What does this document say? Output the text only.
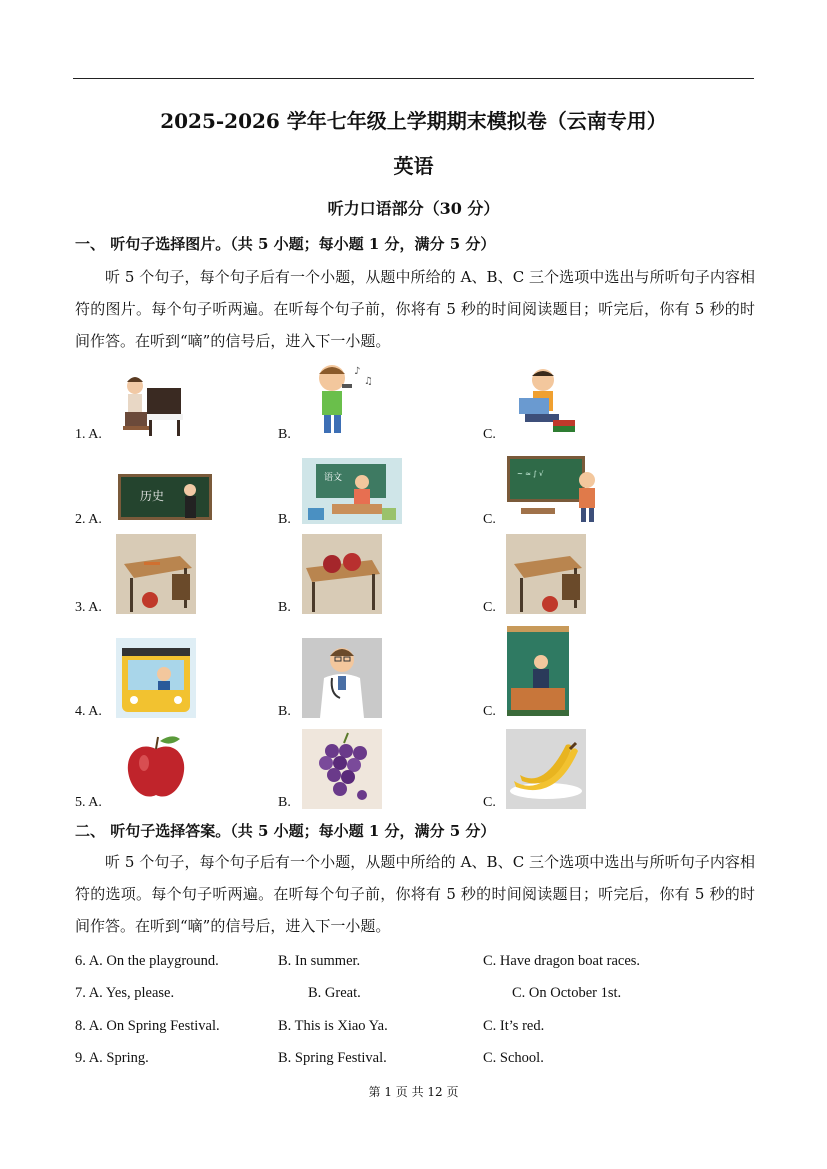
2025-2026 学年七年级上学期期末模拟卷（云南专用）
英语
听力口语部分（30 分）
一、 听句子选择图片。（共 5 小题；每小题 1 分，满分 5 分）
听 5 个句子，每个句子后有一个小题，从题中所给的 A、B、C 三个选项中选出与所听句子内容相符的图片。每个句子听两遍。在听每个句子前，你将有 5 秒的时间阅读题目；听完后，你有 5 秒的时间作答。在听到“嘀”的信号后，进入下一小题。
1. A.	B.	C.
♪
♫
2. A.	B.	C.
历史
语文	~ ≈ ∫ √
3. A.	B.	C.
4. A.	B.	C.
5. A.	B.	C.
二、 听句子选择答案。（共 5 小题；每小题 1 分，满分 5 分）
听 5 个句子，每个句子后有一个小题，从题中所给的 A、B、C 三个选项中选出与所听句子内容相符的选项。每个句子听两遍。在听每个句子前，你将有 5 秒的时间阅读题目；听完后，你有 5 秒的时间作答。在听到“嘀”的信号后，进入下一小题。
6. A. On the playground.	B. In summer.	C. Have dragon boat races.
7. A. Yes, please.	B. Great.	C. On October 1st.
8. A. On Spring Festival.	B. This is Xiao Ya.	C. It’s red.
9. A. Spring.	B. Spring Festival.	C. School.
第 1 页 共 12 页
